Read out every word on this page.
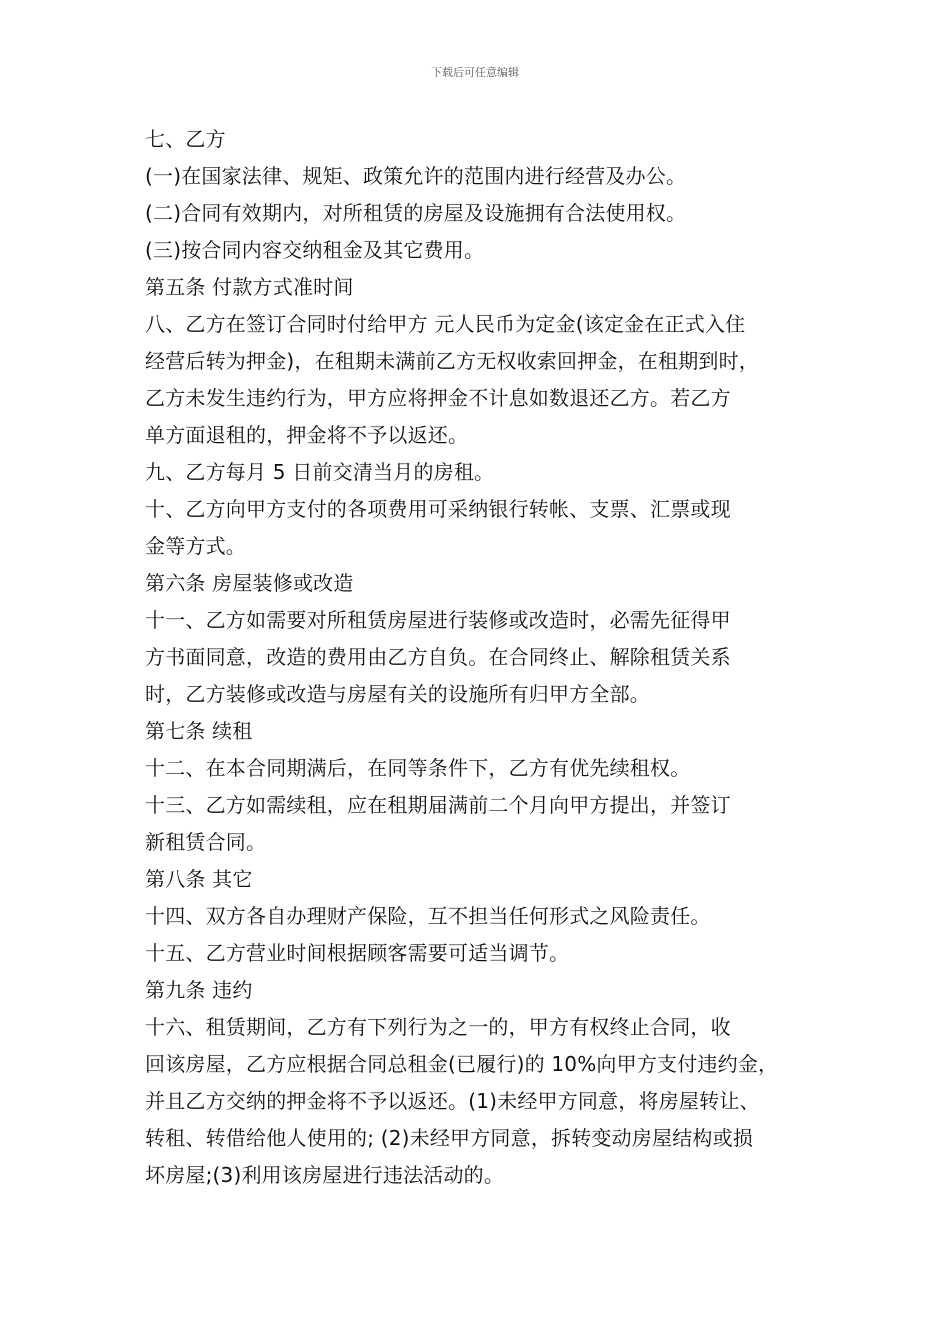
下载后可任意编辑
七、乙方
(一)在国家法律、规矩、政策允许的范围内进行经营及办公。
(二)合同有效期内，对所租赁的房屋及设施拥有合法使用权。
(三)按合同内容交纳租金及其它费用。
第五条 付款方式准时间
八、乙方在签订合同时付给甲方 元人民币为定金(该定金在正式入住
经营后转为押金)，在租期未满前乙方无权收索回押金，在租期到时，
乙方未发生违约行为，甲方应将押金不计息如数退还乙方。若乙方
单方面退租的，押金将不予以返还。
九、乙方每月 5 日前交清当月的房租。
十、乙方向甲方支付的各项费用可采纳银行转帐、支票、汇票或现
金等方式。
第六条 房屋装修或改造
十一、乙方如需要对所租赁房屋进行装修或改造时，必需先征得甲
方书面同意，改造的费用由乙方自负。在合同终止、解除租赁关系
时，乙方装修或改造与房屋有关的设施所有归甲方全部。
第七条 续租
十二、在本合同期满后，在同等条件下，乙方有优先续租权。
十三、乙方如需续租，应在租期届满前二个月向甲方提出，并签订
新租赁合同。
第八条 其它
十四、双方各自办理财产保险，互不担当任何形式之风险责任。
十五、乙方营业时间根据顾客需要可适当调节。
第九条 违约
十六、租赁期间，乙方有下列行为之一的，甲方有权终止合同，收
回该房屋，乙方应根据合同总租金(已履行)的 10%向甲方支付违约金，
并且乙方交纳的押金将不予以返还。(1)未经甲方同意，将房屋转让、
转租、转借给他人使用的; (2)未经甲方同意，拆转变动房屋结构或损
坏房屋;(3)利用该房屋进行违法活动的。
